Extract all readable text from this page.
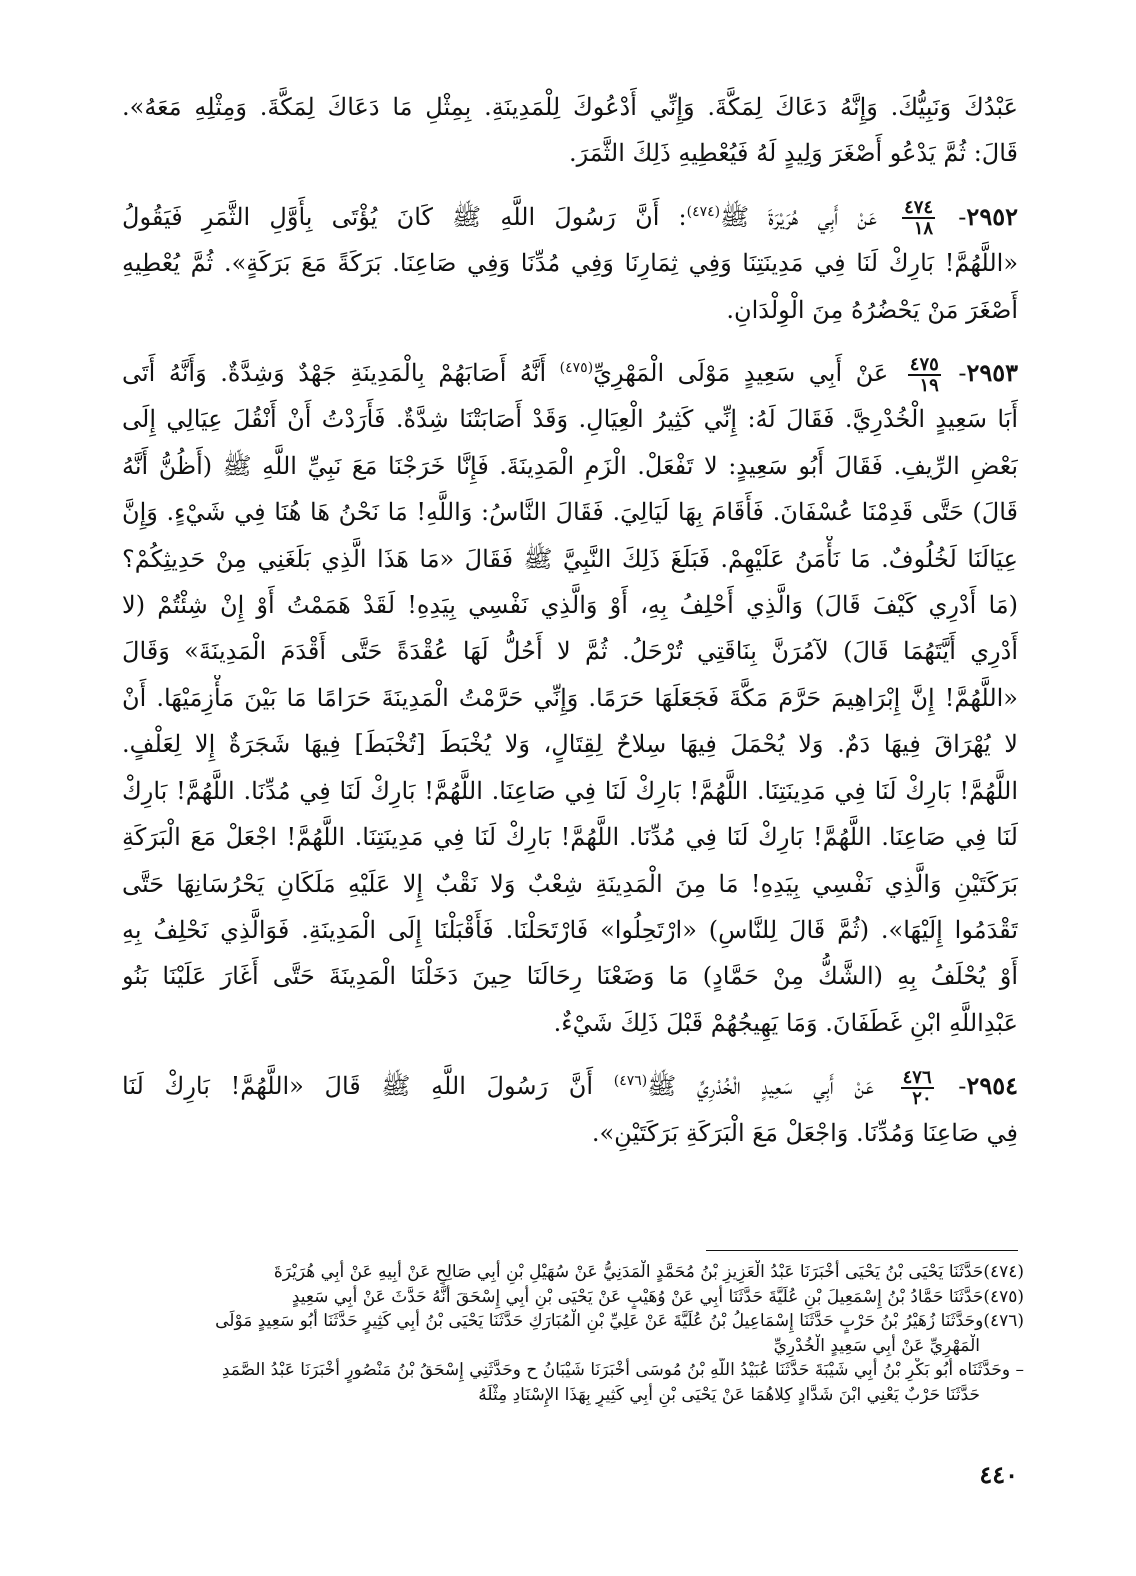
عَبْدُكَ وَنَبِيُّكَ. وَإِنَّهُ دَعَاكَ لِمَكَّةَ. وَإِنِّي أَدْعُوكَ لِلْمَدِينَةِ. بِمِثْلِ مَا دَعَاكَ لِمَكَّةَ. وَمِثْلِهِ مَعَهُ».
قَالَ: ثُمَّ يَدْعُو أَصْغَرَ وَلِيدٍ لَهُ فَيُعْطِيهِ ذَلِكَ الثَّمَرَ.
٢٩٥٢-
$\frac{٤٧٤}{١٨}$
عَنْ أَبِي هُرَيْرَةَ ﷺ$^{(٤٧٤)}$: أَنَّ رَسُولَ اللَّهِ ﷺ كَانَ يُؤْتَى بِأَوَّلِ الثَّمَرِ فَيَقُولُ
«اللَّهُمَّ! بَارِكْ لَنَا فِي مَدِينَتِنَا وَفِي ثِمَارِنَا وَفِي مُدِّنَا وَفِي صَاعِنَا. بَرَكَةً مَعَ بَرَكَةٍ». ثُمَّ يُعْطِيهِ
أَصْغَرَ مَنْ يَحْضُرُهُ مِنَ الْوِلْدَانِ.
٢٩٥٣-
$\frac{٤٧٥}{١٩}$
عَنْ أَبِي سَعِيدٍ مَوْلَى الْمَهْرِيِّ$^{(٤٧٥)}$ أَنَّهُ أَصَابَهُمْ بِالْمَدِينَةِ جَهْدٌ وَشِدَّةٌ. وَأَنَّهُ أَتَى
أَبَا سَعِيدٍ الْخُدْرِيَّ. فَقَالَ لَهُ: إِنِّي كَثِيرُ الْعِيَالِ. وَقَدْ أَصَابَتْنَا شِدَّةٌ. فَأَرَدْتُ أَنْ أَنْقُلَ عِيَالِي إِلَى
بَعْضِ الرِّيفِ. فَقَالَ أَبُو سَعِيدٍ: لا تَفْعَلْ. الْزَمِ الْمَدِينَةَ. فَإِنَّا خَرَجْنَا مَعَ نَبِيِّ اللَّهِ ﷺ (أَظُنُّ أَنَّهُ
قَالَ) حَتَّى قَدِمْنَا عُسْفَانَ. فَأَقَامَ بِهَا لَيَالِيَ. فَقَالَ النَّاسُ: وَاللَّهِ! مَا نَحْنُ هَا هُنَا فِي شَيْءٍ. وَإِنَّ
عِيَالَنَا لَخُلُوفٌ. مَا نَأْمَنُ عَلَيْهِمْ. فَبَلَغَ ذَلِكَ النَّبِيَّ ﷺ فَقَالَ «مَا هَذَا الَّذِي بَلَغَنِي مِنْ حَدِيثِكُمْ؟
(مَا أَدْرِي كَيْفَ قَالَ) وَالَّذِي أَحْلِفُ بِهِ، أَوْ وَالَّذِي نَفْسِي بِيَدِهِ! لَقَدْ هَمَمْتُ أَوْ إِنْ شِئْتُمْ (لا
أَدْرِي أَيَّتَهُمَا قَالَ) لآمُرَنَّ بِنَاقَتِي تُرْحَلُ. ثُمَّ لا أَحُلُّ لَهَا عُقْدَةً حَتَّى أَقْدَمَ الْمَدِينَةَ» وَقَالَ
«اللَّهُمَّ! إِنَّ إِبْرَاهِيمَ حَرَّمَ مَكَّةَ فَجَعَلَهَا حَرَمًا. وَإِنِّي حَرَّمْتُ الْمَدِينَةَ حَرَامًا مَا بَيْنَ مَأْزِمَيْهَا. أَنْ
لا يُهْرَاقَ فِيهَا دَمٌ. وَلا يُحْمَلَ فِيهَا سِلاحٌ لِقِتَالٍ، وَلا يُخْبَطَ [تُخْبَطَ] فِيهَا شَجَرَةٌ إِلا لِعَلْفٍ.
اللَّهُمَّ! بَارِكْ لَنَا فِي مَدِينَتِنَا. اللَّهُمَّ! بَارِكْ لَنَا فِي صَاعِنَا. اللَّهُمَّ! بَارِكْ لَنَا فِي مُدِّنَا. اللَّهُمَّ! بَارِكْ
لَنَا فِي صَاعِنَا. اللَّهُمَّ! بَارِكْ لَنَا فِي مُدِّنَا. اللَّهُمَّ! بَارِكْ لَنَا فِي مَدِينَتِنَا. اللَّهُمَّ! اجْعَلْ مَعَ الْبَرَكَةِ
بَرَكَتَيْنِ وَالَّذِي نَفْسِي بِيَدِهِ! مَا مِنَ الْمَدِينَةِ شِعْبٌ وَلا نَقْبٌ إِلا عَلَيْهِ مَلَكَانِ يَحْرُسَانِهَا حَتَّى
تَقْدَمُوا إِلَيْهَا». (ثُمَّ قَالَ لِلنَّاسِ) «ارْتَحِلُوا» فَارْتَحَلْنَا. فَأَقْبَلْنَا إِلَى الْمَدِينَةِ. فَوَالَّذِي نَحْلِفُ بِهِ
أَوْ يُحْلَفُ بِهِ (الشَّكُّ مِنْ حَمَّادٍ) مَا وَضَعْنَا رِحَالَنَا حِينَ دَخَلْنَا الْمَدِينَةَ حَتَّى أَغَارَ عَلَيْنَا بَنُو
عَبْدِاللَّهِ ابْنِ غَطَفَانَ. وَمَا يَهِيجُهُمْ قَبْلَ ذَلِكَ شَيْءٌ.
٢٩٥٤-
$\frac{٤٧٦}{٢٠}$
عَنْ أَبِي سَعِيدٍ الْخُدْرِيِّ ﷺ$^{(٤٧٦)}$ أَنَّ رَسُولَ اللَّهِ ﷺ قَالَ «اللَّهُمَّ! بَارِكْ لَنَا
فِي صَاعِنَا وَمُدِّنَا. وَاجْعَلْ مَعَ الْبَرَكَةِ بَرَكَتَيْنِ».
(٤٧٤)حَدَّثَنَا يَحْيَى بْنُ يَحْيَى أَخْبَرَنَا عَبْدُ الْعَزِيزِ بْنُ مُحَمَّدٍ الْمَدَنِيُّ عَنْ سُهَيْلِ بْنِ أَبِي صَالِحٍ عَنْ أَبِيهِ عَنْ أَبِي هُرَيْرَةَ
(٤٧٥)حَدَّثَنَا حَمَّادُ بْنُ إِسْمَعِيلَ بْنِ عُلَيَّةَ حَدَّثَنَا أَبِي عَنْ وُهَيْبٍ عَنْ يَحْيَى بْنِ أَبِي إِسْحَقَ أَنَّهُ حَدَّثَ عَنْ أَبِي سَعِيدٍ
(٤٧٦)وحَدَّثَنَا زُهَيْرُ بْنُ حَرْبٍ حَدَّثَنَا إِسْمَاعِيلُ بْنُ عُلَيَّةَ عَنْ عَلِيِّ بْنِ الْمُبَارَكِ حَدَّثَنَا يَحْيَى بْنُ أَبِي كَثِيرٍ حَدَّثَنَا أَبُو سَعِيدٍ مَوْلَى
الْمَهْرِيِّ عَنْ أَبِي سَعِيدٍ الْخُدْرِيِّ
– وحَدَّثَنَاه أَبُو بَكْرِ بْنُ أَبِي شَيْبَةَ حَدَّثَنَا عُبَيْدُ اللَّهِ بْنُ مُوسَى أَخْبَرَنَا شَيْبَانُ ح وحَدَّثَنِي إِسْحَقُ بْنُ مَنْصُورٍ أَخْبَرَنَا عَبْدُ الصَّمَدِ
حَدَّثَنَا حَرْبٌ يَعْنِي ابْنَ شَدَّادٍ كِلاهُمَا عَنْ يَحْيَى بْنِ أَبِي كَثِيرٍ بِهَذَا الإِسْنَادِ مِثْلَهُ
٤٤٠
